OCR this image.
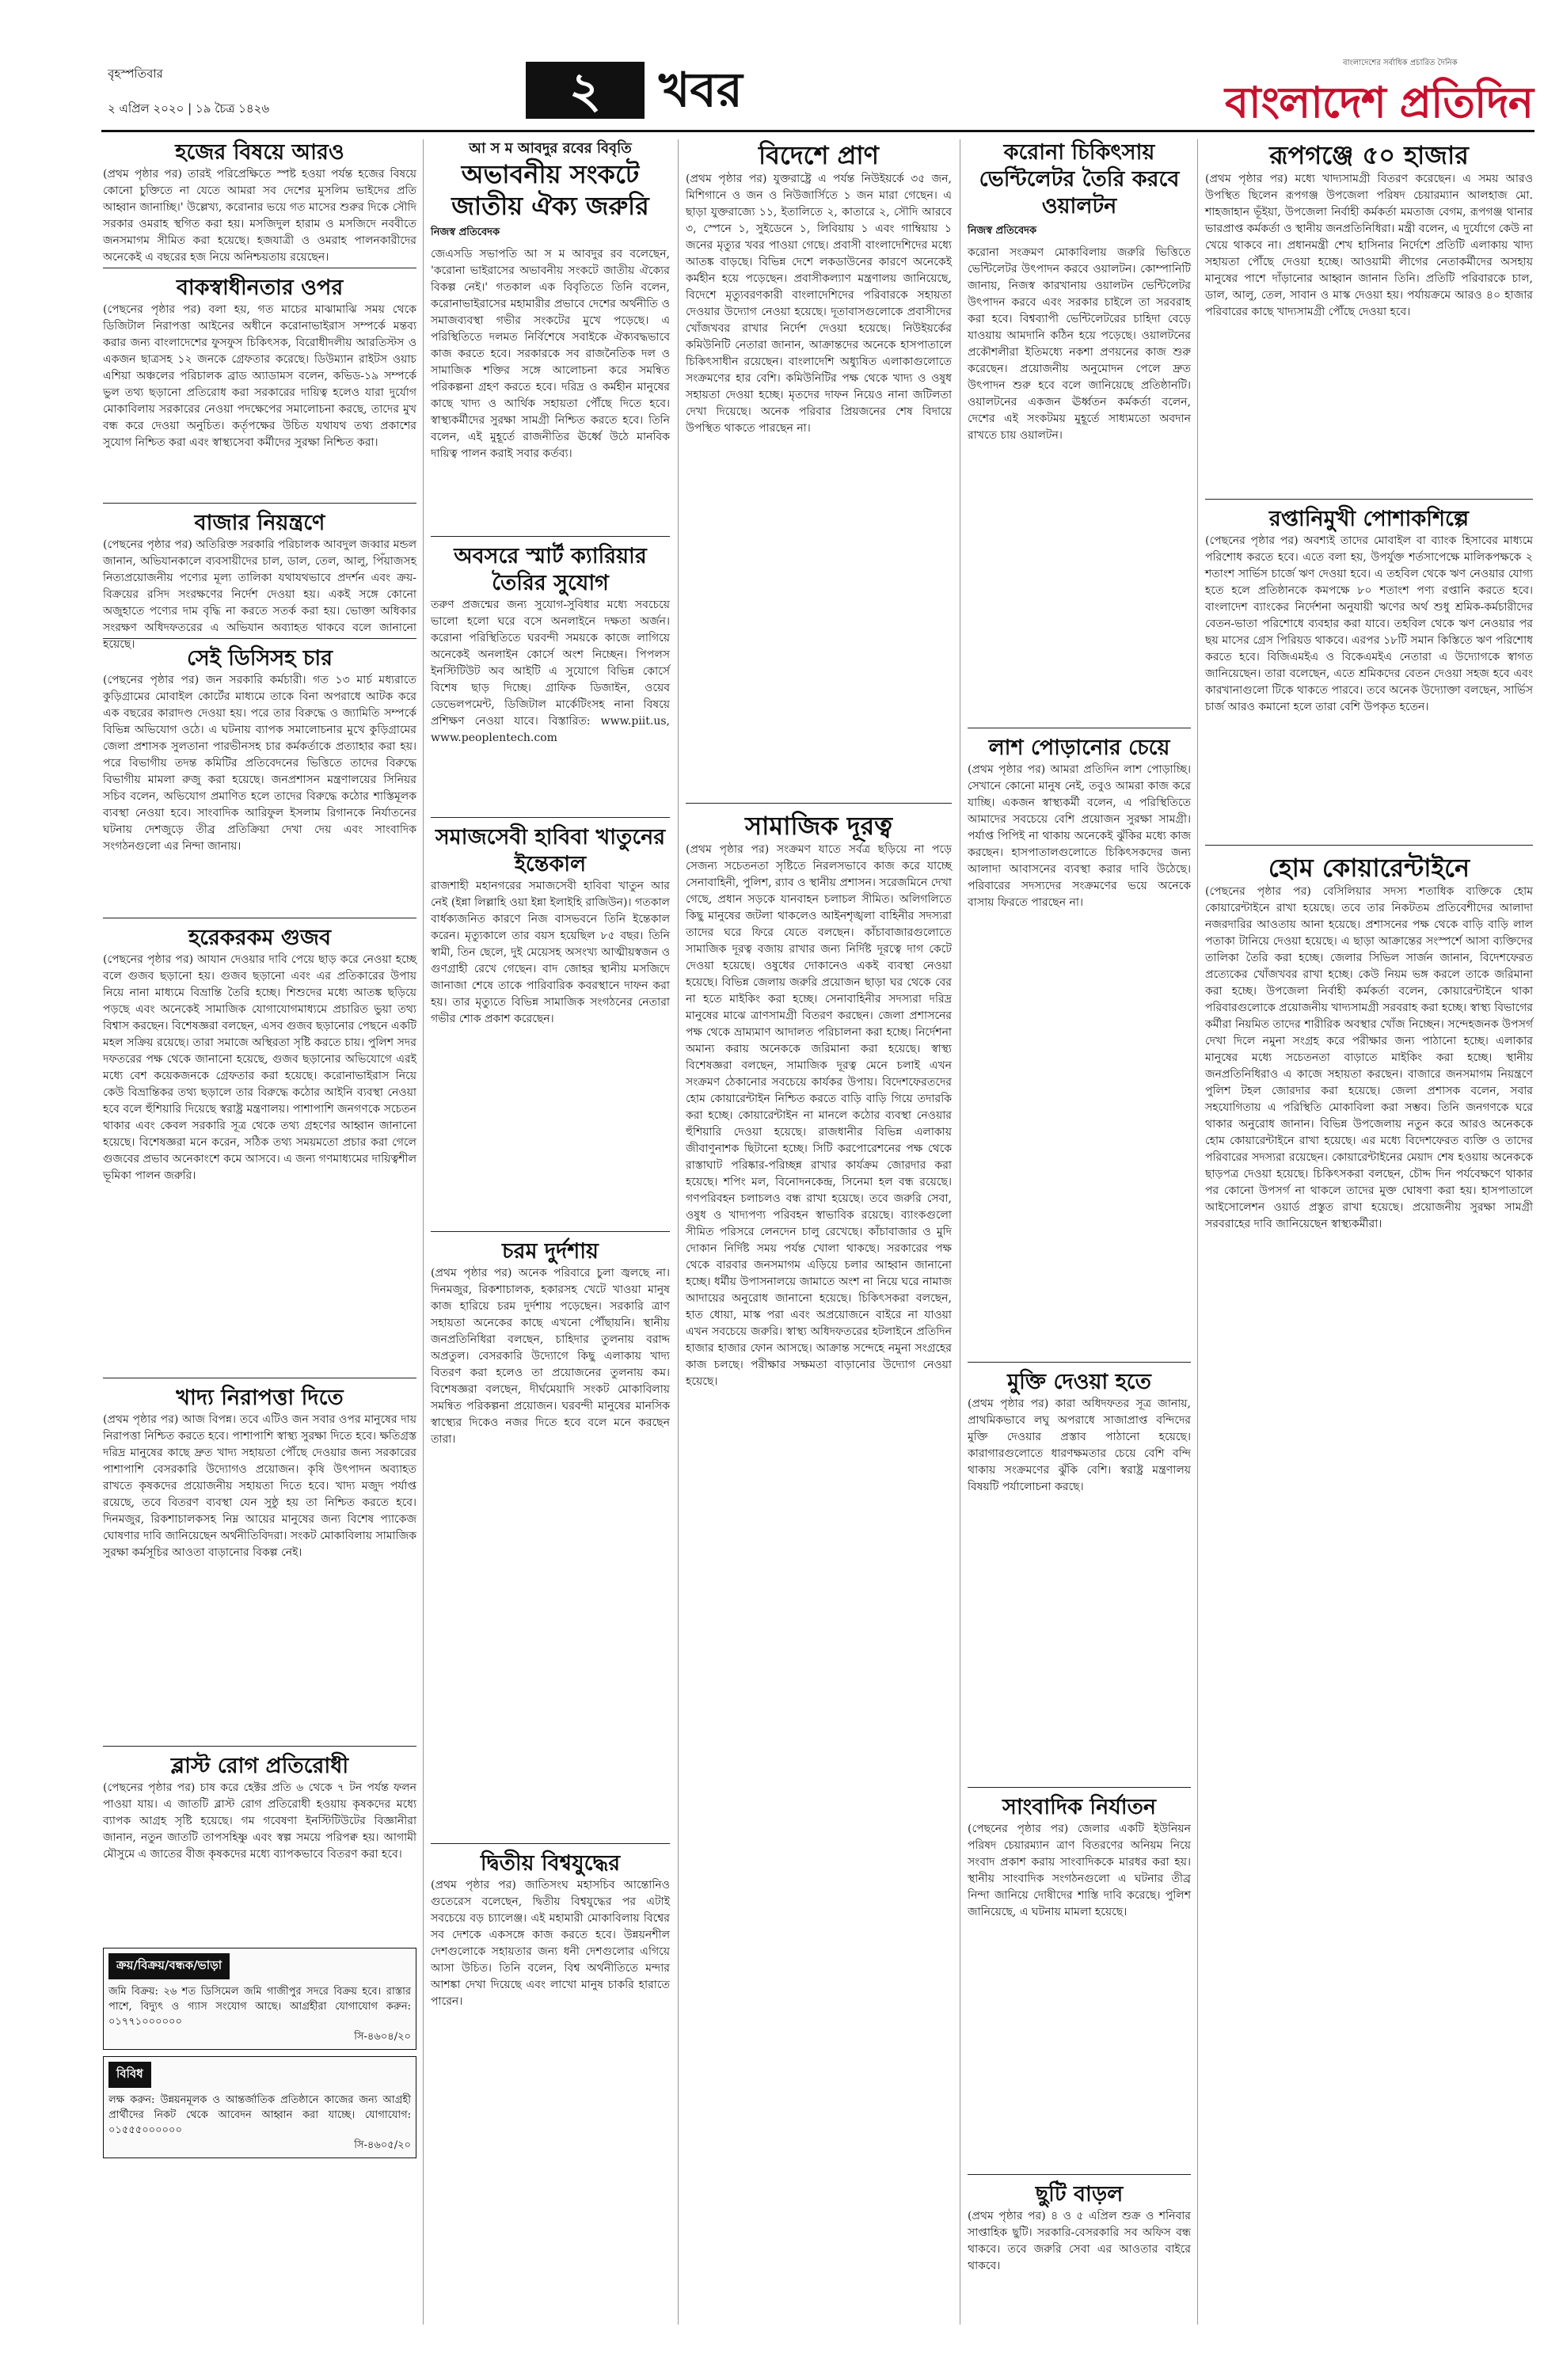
বৃহস্পতিবার
২ এপ্রিল ২০২০ | ১৯ চৈত্র ১৪২৬	২	খবর	বাংলাদেশের সর্বাধিক প্রচারিত দৈনিক
বাংলাদেশ প্রতিদিন
হজের বিষয়ে আরও
(প্রথম পৃষ্ঠার পর) তারই পরিপ্রেক্ষিতে স্পষ্ট হওয়া পর্যন্ত হজের বিষয়ে কোনো চুক্তিতে না যেতে আমরা সব দেশের মুসলিম ভাইদের প্রতি আহ্বান জানাচ্ছি।' উল্লেখ্য, করোনার ভয়ে গত মাসের শুরুর দিকে সৌদি সরকার ওমরাহ স্থগিত করা হয়। মসজিদুল হারাম ও মসজিদে নববীতে জনসমাগম সীমিত করা হয়েছে। হজযাত্রী ও ওমরাহ পালনকারীদের অনেকেই এ বছরের হজ নিয়ে অনিশ্চয়তায় রয়েছেন।
বাকস্বাধীনতার ওপর
(পেছনের পৃষ্ঠার পর) বলা হয়, গত মাচের মাঝামাঝি সময় থেকে ডিজিটাল নিরাপত্তা আইনের অধীনে করোনাভাইরাস সম্পর্কে মন্তব্য করার জন্য বাংলাদেশের ফুসফুস চিকিৎসক, বিরোধীদলীয় আরতিস্টস ও একজন ছাত্রসহ ১২ জনকে গ্রেফতার করেছে। ডিউম্যান রাইটস ওয়াচ এশিয়া অঞ্চলের পরিচালক ব্রাড অ্যাডামস বলেন, কভিড-১৯ সম্পর্কে ভুল তথ্য ছড়ানো প্রতিরোধ করা সরকারের দায়িত্ব হলেও যারা দুর্যোগ মোকাবিলায় সরকারের নেওয়া পদক্ষেপের সমালোচনা করছে, তাদের মুখ বন্ধ করে দেওয়া অনুচিত। কর্তৃপক্ষের উচিত যথাযথ তথ্য প্রকাশের সুযোগ নিশ্চিত করা এবং স্বাস্থ্যসেবা কর্মীদের সুরক্ষা নিশ্চিত করা।
বাজার নিয়ন্ত্রণে
(পেছনের পৃষ্ঠার পর) অতিরিক্ত সরকারি পরিচালক আবদুল জব্বার মন্ডল জানান, অভিযানকালে ব্যবসায়ীদের চাল, ডাল, তেল, আলু, পিঁয়াজসহ নিত্যপ্রয়োজনীয় পণ্যের মূল্য তালিকা যথাযথভাবে প্রদর্শন এবং ক্রয়-বিক্রয়ের রসিদ সংরক্ষণের নির্দেশ দেওয়া হয়। একই সঙ্গে কোনো অজুহাতে পণ্যের দাম বৃদ্ধি না করতে সতর্ক করা হয়। ভোক্তা অধিকার সংরক্ষণ অধিদফতরের এ অভিযান অব্যাহত থাকবে বলে জানানো হয়েছে।
সেই ডিসিসহ চার
(পেছনের পৃষ্ঠার পর) জন সরকারি কর্মচারী। গত ১৩ মার্চ মধ্যরাতে কুড়িগ্রামের মোবাইল কোর্টের মাধ্যমে তাকে বিনা অপরাধে আটক করে এক বছরের কারাদণ্ড দেওয়া হয়। পরে তার বিরুদ্ধে ও জ্যামিতি সম্পর্কে বিভিন্ন অভিযোগ ওঠে। এ ঘটনায় ব্যাপক সমালোচনার মুখে কুড়িগ্রামের জেলা প্রশাসক সুলতানা পারভীনসহ চার কর্মকর্তাকে প্রত্যাহার করা হয়। পরে বিভাগীয় তদন্ত কমিটির প্রতিবেদনের ভিত্তিতে তাদের বিরুদ্ধে বিভাগীয় মামলা রুজু করা হয়েছে। জনপ্রশাসন মন্ত্রণালয়ের সিনিয়র সচিব বলেন, অভিযোগ প্রমাণিত হলে তাদের বিরুদ্ধে কঠোর শাস্তিমূলক ব্যবস্থা নেওয়া হবে। সাংবাদিক আরিফুল ইসলাম রিগানকে নির্যাতনের ঘটনায় দেশজুড়ে তীব্র প্রতিক্রিয়া দেখা দেয় এবং সাংবাদিক সংগঠনগুলো এর নিন্দা জানায়।
হরেকরকম গুজব
(পেছনের পৃষ্ঠার পর) আযান দেওয়ার দাবি পেয়ে ছাড় করে নেওয়া হচ্ছে বলে গুজব ছড়ানো হয়। গুজব ছড়ানো এবং এর প্রতিকারের উপায় নিয়ে নানা মাধ্যমে বিভ্রান্তি তৈরি হচ্ছে। শিশুদের মধ্যে আতঙ্ক ছড়িয়ে পড়ছে এবং অনেকেই সামাজিক যোগাযোগমাধ্যমে প্রচারিত ভুয়া তথ্য বিশ্বাস করছেন। বিশেষজ্ঞরা বলছেন, এসব গুজব ছড়ানোর পেছনে একটি মহল সক্রিয় রয়েছে। তারা সমাজে অস্থিরতা সৃষ্টি করতে চায়। পুলিশ সদর দফতরের পক্ষ থেকে জানানো হয়েছে, গুজব ছড়ানোর অভিযোগে এরই মধ্যে বেশ কয়েকজনকে গ্রেফতার করা হয়েছে। করোনাভাইরাস নিয়ে কেউ বিভ্রান্তিকর তথ্য ছড়ালে তার বিরুদ্ধে কঠোর আইনি ব্যবস্থা নেওয়া হবে বলে হুঁশিয়ারি দিয়েছে স্বরাষ্ট্র মন্ত্রণালয়। পাশাপাশি জনগণকে সচেতন থাকার এবং কেবল সরকারি সূত্র থেকে তথ্য গ্রহণের আহ্বান জানানো হয়েছে। বিশেষজ্ঞরা মনে করেন, সঠিক তথ্য সময়মতো প্রচার করা গেলে গুজবের প্রভাব অনেকাংশে কমে আসবে। এ জন্য গণমাধ্যমের দায়িত্বশীল ভূমিকা পালন জরুরি।
খাদ্য নিরাপত্তা দিতে
(প্রথম পৃষ্ঠার পর) আজ বিপন্ন। তবে এটিও জন সবার ওপর মানুষের দায় নিরাপত্তা নিশ্চিত করতে হবে। পাশাপাশি স্বাস্থ্য সুরক্ষা দিতে হবে। ক্ষতিগ্রস্ত দরিদ্র মানুষের কাছে দ্রুত খাদ্য সহায়তা পৌঁছে দেওয়ার জন্য সরকারের পাশাপাশি বেসরকারি উদ্যোগও প্রয়োজন। কৃষি উৎপাদন অব্যাহত রাখতে কৃষকদের প্রয়োজনীয় সহায়তা দিতে হবে। খাদ্য মজুদ পর্যাপ্ত রয়েছে, তবে বিতরণ ব্যবস্থা যেন সুষ্ঠু হয় তা নিশ্চিত করতে হবে। দিনমজুর, রিকশাচালকসহ নিম্ন আয়ের মানুষের জন্য বিশেষ প্যাকেজ ঘোষণার দাবি জানিয়েছেন অর্থনীতিবিদরা। সংকট মোকাবিলায় সামাজিক সুরক্ষা কর্মসূচির আওতা বাড়ানোর বিকল্প নেই।
ব্লাস্ট রোগ প্রতিরোধী
(পেছনের পৃষ্ঠার পর) চাষ করে হেক্টর প্রতি ৬ থেকে ৭ টন পর্যন্ত ফলন পাওয়া যায়। এ জাতটি ব্লাস্ট রোগ প্রতিরোধী হওয়ায় কৃষকদের মধ্যে ব্যাপক আগ্রহ সৃষ্টি হয়েছে। গম গবেষণা ইনস্টিটিউটের বিজ্ঞানীরা জানান, নতুন জাতটি তাপসহিষ্ণু এবং স্বল্প সময়ে পরিপক্ব হয়। আগামী মৌসুমে এ জাতের বীজ কৃষকদের মধ্যে ব্যাপকভাবে বিতরণ করা হবে।
ক্রয়/বিক্রয়/বন্ধক/ভাড়া
জমি বিক্রয়: ২৬ শত ডিসিমেল জমি গাজীপুর সদরে বিক্রয় হবে। রাস্তার পাশে, বিদ্যুৎ ও গ্যাস সংযোগ আছে। আগ্রহীরা যোগাযোগ করুন: ০১৭৭১০০০০০০
সি-৪৬০৪/২০
বিবিধ
লক্ষ করুন: উন্নয়নমূলক ও আন্তর্জাতিক প্রতিষ্ঠানে কাজের জন্য আগ্রহী প্রার্থীদের নিকট থেকে আবেদন আহ্বান করা যাচ্ছে। যোগাযোগ: ০১৫৫৫০০০০০০
সি-৪৬০৫/২০
আ স ম আবদুর রবের বিবৃতি
অভাবনীয় সংকটে জাতীয় ঐক্য জরুরি
নিজস্ব প্রতিবেদক
জেএসডি সভাপতি আ স ম আবদুর রব বলেছেন, 'করোনা ভাইরাসের অভাবনীয় সংকটে জাতীয় ঐক্যের বিকল্প নেই।' গতকাল এক বিবৃতিতে তিনি বলেন, করোনাভাইরাসের মহামারীর প্রভাবে দেশের অর্থনীতি ও সমাজব্যবস্থা গভীর সংকটের মুখে পড়েছে। এ পরিস্থিতিতে দলমত নির্বিশেষে সবাইকে ঐক্যবদ্ধভাবে কাজ করতে হবে। সরকারকে সব রাজনৈতিক দল ও সামাজিক শক্তির সঙ্গে আলোচনা করে সমন্বিত পরিকল্পনা গ্রহণ করতে হবে। দরিদ্র ও কর্মহীন মানুষের কাছে খাদ্য ও আর্থিক সহায়তা পৌঁছে দিতে হবে। স্বাস্থ্যকর্মীদের সুরক্ষা সামগ্রী নিশ্চিত করতে হবে। তিনি বলেন, এই মুহূর্তে রাজনীতির ঊর্ধ্বে উঠে মানবিক দায়িত্ব পালন করাই সবার কর্তব্য।
অবসরে স্মার্ট ক্যারিয়ার তৈরির সুযোগ
তরুণ প্রজন্মের জন্য সুযোগ-সুবিধার মধ্যে সবচেয়ে ভালো হলো ঘরে বসে অনলাইনে দক্ষতা অর্জন। করোনা পরিস্থিতিতে ঘরবন্দী সময়কে কাজে লাগিয়ে অনেকেই অনলাইন কোর্সে অংশ নিচ্ছেন। পিপলস ইনস্টিটিউট অব আইটি এ সুযোগে বিভিন্ন কোর্সে বিশেষ ছাড় দিচ্ছে। গ্রাফিক ডিজাইন, ওয়েব ডেভেলপমেন্ট, ডিজিটাল মার্কেটিংসহ নানা বিষয়ে প্রশিক্ষণ নেওয়া যাবে। বিস্তারিত: www.piit.us, www.peoplentech.com
সমাজসেবী হাবিবা খাতুনের ইন্তেকাল
রাজশাহী মহানগরের সমাজসেবী হাবিবা খাতুন আর নেই (ইন্না লিল্লাহি ওয়া ইন্না ইলাইহি রাজিউন)। গতকাল বার্ধক্যজনিত কারণে নিজ বাসভবনে তিনি ইন্তেকাল করেন। মৃত্যুকালে তার বয়স হয়েছিল ৮৫ বছর। তিনি স্বামী, তিন ছেলে, দুই মেয়েসহ অসংখ্য আত্মীয়স্বজন ও গুণগ্রাহী রেখে গেছেন। বাদ জোহর স্থানীয় মসজিদে জানাজা শেষে তাকে পারিবারিক কবরস্থানে দাফন করা হয়। তার মৃত্যুতে বিভিন্ন সামাজিক সংগঠনের নেতারা গভীর শোক প্রকাশ করেছেন।
চরম দুর্দশায়
(প্রথম পৃষ্ঠার পর) অনেক পরিবারে চুলা জ্বলছে না। দিনমজুর, রিকশাচালক, হকারসহ খেটে খাওয়া মানুষ কাজ হারিয়ে চরম দুর্দশায় পড়েছেন। সরকারি ত্রাণ সহায়তা অনেকের কাছে এখনো পৌঁছায়নি। স্থানীয় জনপ্রতিনিধিরা বলছেন, চাহিদার তুলনায় বরাদ্দ অপ্রতুল। বেসরকারি উদ্যোগে কিছু এলাকায় খাদ্য বিতরণ করা হলেও তা প্রয়োজনের তুলনায় কম। বিশেষজ্ঞরা বলছেন, দীর্ঘমেয়াদি সংকট মোকাবিলায় সমন্বিত পরিকল্পনা প্রয়োজন। ঘরবন্দী মানুষের মানসিক স্বাস্থ্যের দিকেও নজর দিতে হবে বলে মনে করছেন তারা।
দ্বিতীয় বিশ্বযুদ্ধের
(প্রথম পৃষ্ঠার পর) জাতিসংঘ মহাসচিব আন্তোনিও গুতেরেস বলেছেন, দ্বিতীয় বিশ্বযুদ্ধের পর এটাই সবচেয়ে বড় চ্যালেঞ্জ। এই মহামারী মোকাবিলায় বিশ্বের সব দেশকে একসঙ্গে কাজ করতে হবে। উন্নয়নশীল দেশগুলোকে সহায়তার জন্য ধনী দেশগুলোর এগিয়ে আসা উচিত। তিনি বলেন, বিশ্ব অর্থনীতিতে মন্দার আশঙ্কা দেখা দিয়েছে এবং লাখো মানুষ চাকরি হারাতে পারেন।
বিদেশে প্রাণ
(প্রথম পৃষ্ঠার পর) যুক্তরাষ্ট্রে এ পর্যন্ত নিউইয়র্কে ৩৫ জন, মিশিগানে ও জন ও নিউজার্সিতে ১ জন মারা গেছেন। এ ছাড়া যুক্তরাজ্যে ১১, ইতালিতে ২, কাতারে ২, সৌদি আরবে ৩, স্পেনে ১, সুইডেনে ১, লিবিয়ায় ১ এবং গাম্বিয়ায় ১ জনের মৃত্যুর খবর পাওয়া গেছে। প্রবাসী বাংলাদেশিদের মধ্যে আতঙ্ক বাড়ছে। বিভিন্ন দেশে লকডাউনের কারণে অনেকেই কর্মহীন হয়ে পড়েছেন। প্রবাসীকল্যাণ মন্ত্রণালয় জানিয়েছে, বিদেশে মৃত্যুবরণকারী বাংলাদেশিদের পরিবারকে সহায়তা দেওয়ার উদ্যোগ নেওয়া হয়েছে। দূতাবাসগুলোকে প্রবাসীদের খোঁজখবর রাখার নির্দেশ দেওয়া হয়েছে। নিউইয়র্কের কমিউনিটি নেতারা জানান, আক্রান্তদের অনেকে হাসপাতালে চিকিৎসাধীন রয়েছেন। বাংলাদেশি অধ্যুষিত এলাকাগুলোতে সংক্রমণের হার বেশি। কমিউনিটির পক্ষ থেকে খাদ্য ও ওষুধ সহায়তা দেওয়া হচ্ছে। মৃতদের দাফন নিয়েও নানা জটিলতা দেখা দিয়েছে। অনেক পরিবার প্রিয়জনের শেষ বিদায়ে উপস্থিত থাকতে পারছেন না।
সামাজিক দূরত্ব
(প্রথম পৃষ্ঠার পর) সংক্রমণ যাতে সর্বত্র ছড়িয়ে না পড়ে সেজন্য সচেতনতা সৃষ্টিতে নিরলসভাবে কাজ করে যাচ্ছে সেনাবাহিনী, পুলিশ, র‍্যাব ও স্থানীয় প্রশাসন। সরেজমিনে দেখা গেছে, প্রধান সড়কে যানবাহন চলাচল সীমিত। অলিগলিতে কিছু মানুষের জটলা থাকলেও আইনশৃঙ্খলা বাহিনীর সদস্যরা তাদের ঘরে ফিরে যেতে বলছেন। কাঁচাবাজারগুলোতে সামাজিক দূরত্ব বজায় রাখার জন্য নির্দিষ্ট দূরত্বে দাগ কেটে দেওয়া হয়েছে। ওষুধের দোকানেও একই ব্যবস্থা নেওয়া হয়েছে। বিভিন্ন জেলায় জরুরি প্রয়োজন ছাড়া ঘর থেকে বের না হতে মাইকিং করা হচ্ছে। সেনাবাহিনীর সদস্যরা দরিদ্র মানুষের মাঝে ত্রাণসামগ্রী বিতরণ করছেন। জেলা প্রশাসনের পক্ষ থেকে ভ্রাম্যমাণ আদালত পরিচালনা করা হচ্ছে। নির্দেশনা অমান্য করায় অনেককে জরিমানা করা হয়েছে। স্বাস্থ্য বিশেষজ্ঞরা বলছেন, সামাজিক দূরত্ব মেনে চলাই এখন সংক্রমণ ঠেকানোর সবচেয়ে কার্যকর উপায়। বিদেশফেরতদের হোম কোয়ারেন্টাইন নিশ্চিত করতে বাড়ি বাড়ি গিয়ে তদারকি করা হচ্ছে। কোয়ারেন্টাইন না মানলে কঠোর ব্যবস্থা নেওয়ার হুঁশিয়ারি দেওয়া হয়েছে। রাজধানীর বিভিন্ন এলাকায় জীবাণুনাশক ছিটানো হচ্ছে। সিটি করপোরেশনের পক্ষ থেকে রাস্তাঘাট পরিষ্কার-পরিচ্ছন্ন রাখার কার্যক্রম জোরদার করা হয়েছে। শপিং মল, বিনোদনকেন্দ্র, সিনেমা হল বন্ধ রয়েছে। গণপরিবহন চলাচলও বন্ধ রাখা হয়েছে। তবে জরুরি সেবা, ওষুধ ও খাদ্যপণ্য পরিবহন স্বাভাবিক রয়েছে। ব্যাংকগুলো সীমিত পরিসরে লেনদেন চালু রেখেছে। কাঁচাবাজার ও মুদি দোকান নির্দিষ্ট সময় পর্যন্ত খোলা থাকছে। সরকারের পক্ষ থেকে বারবার জনসমাগম এড়িয়ে চলার আহ্বান জানানো হচ্ছে। ধর্মীয় উপাসনালয়ে জামাতে অংশ না নিয়ে ঘরে নামাজ আদায়ের অনুরোধ জানানো হয়েছে। চিকিৎসকরা বলছেন, হাত ধোয়া, মাস্ক পরা এবং অপ্রয়োজনে বাইরে না যাওয়া এখন সবচেয়ে জরুরি। স্বাস্থ্য অধিদফতরের হটলাইনে প্রতিদিন হাজার হাজার ফোন আসছে। আক্রান্ত সন্দেহে নমুনা সংগ্রহের কাজ চলছে। পরীক্ষার সক্ষমতা বাড়ানোর উদ্যোগ নেওয়া হয়েছে।
করোনা চিকিৎসায় ভেন্টিলেটর তৈরি করবে ওয়ালটন
নিজস্ব প্রতিবেদক
করোনা সংক্রমণ মোকাবিলায় জরুরি ভিত্তিতে ভেন্টিলেটর উৎপাদন করবে ওয়ালটন। কোম্পানিটি জানায়, নিজস্ব কারখানায় ওয়ালটন ভেন্টিলেটর উৎপাদন করবে এবং সরকার চাইলে তা সরবরাহ করা হবে। বিশ্বব্যাপী ভেন্টিলেটরের চাহিদা বেড়ে যাওয়ায় আমদানি কঠিন হয়ে পড়েছে। ওয়ালটনের প্রকৌশলীরা ইতিমধ্যে নকশা প্রণয়নের কাজ শুরু করেছেন। প্রয়োজনীয় অনুমোদন পেলে দ্রুত উৎপাদন শুরু হবে বলে জানিয়েছে প্রতিষ্ঠানটি। ওয়ালটনের একজন ঊর্ধ্বতন কর্মকর্তা বলেন, দেশের এই সংকটময় মুহূর্তে সাধ্যমতো অবদান রাখতে চায় ওয়ালটন।
লাশ পোড়ানোর চেয়ে
(প্রথম পৃষ্ঠার পর) আমরা প্রতিদিন লাশ পোড়াচ্ছি। সেখানে কোনো মানুষ নেই, তবুও আমরা কাজ করে যাচ্ছি। একজন স্বাস্থ্যকর্মী বলেন, এ পরিস্থিতিতে আমাদের সবচেয়ে বেশি প্রয়োজন সুরক্ষা সামগ্রী। পর্যাপ্ত পিপিই না থাকায় অনেকেই ঝুঁকির মধ্যে কাজ করছেন। হাসপাতালগুলোতে চিকিৎসকদের জন্য আলাদা আবাসনের ব্যবস্থা করার দাবি উঠেছে। পরিবারের সদস্যদের সংক্রমণের ভয়ে অনেকে বাসায় ফিরতে পারছেন না।
মুক্তি দেওয়া হতে
(প্রথম পৃষ্ঠার পর) কারা অধিদফতর সূত্র জানায়, প্রাথমিকভাবে লঘু অপরাধে সাজাপ্রাপ্ত বন্দিদের মুক্তি দেওয়ার প্রস্তাব পাঠানো হয়েছে। কারাগারগুলোতে ধারণক্ষমতার চেয়ে বেশি বন্দি থাকায় সংক্রমণের ঝুঁকি বেশি। স্বরাষ্ট্র মন্ত্রণালয় বিষয়টি পর্যালোচনা করছে।
সাংবাদিক নির্যাতন
(পেছনের পৃষ্ঠার পর) জেলার একটি ইউনিয়ন পরিষদ চেয়ারম্যান ত্রাণ বিতরণের অনিয়ম নিয়ে সংবাদ প্রকাশ করায় সাংবাদিককে মারধর করা হয়। স্থানীয় সাংবাদিক সংগঠনগুলো এ ঘটনার তীব্র নিন্দা জানিয়ে দোষীদের শাস্তি দাবি করেছে। পুলিশ জানিয়েছে, এ ঘটনায় মামলা হয়েছে।
ছুটি বাড়ল
(প্রথম পৃষ্ঠার পর) ৪ ও ৫ এপ্রিল শুক্র ও শনিবার সাপ্তাহিক ছুটি। সরকারি-বেসরকারি সব অফিস বন্ধ থাকবে। তবে জরুরি সেবা এর আওতার বাইরে থাকবে।
রূপগঞ্জে ৫০ হাজার
(প্রথম পৃষ্ঠার পর) মধ্যে খাদ্যসামগ্রী বিতরণ করেছেন। এ সময় আরও উপস্থিত ছিলেন রূপগঞ্জ উপজেলা পরিষদ চেয়ারম্যান আলহাজ মো. শাহজাহান ভূঁইয়া, উপজেলা নির্বাহী কর্মকর্তা মমতাজ বেগম, রূপগঞ্জ থানার ভারপ্রাপ্ত কর্মকর্তা ও স্থানীয় জনপ্রতিনিধিরা। মন্ত্রী বলেন, এ দুর্যোগে কেউ না খেয়ে থাকবে না। প্রধানমন্ত্রী শেখ হাসিনার নির্দেশে প্রতিটি এলাকায় খাদ্য সহায়তা পৌঁছে দেওয়া হচ্ছে। আওয়ামী লীগের নেতাকর্মীদের অসহায় মানুষের পাশে দাঁড়ানোর আহ্বান জানান তিনি। প্রতিটি পরিবারকে চাল, ডাল, আলু, তেল, সাবান ও মাস্ক দেওয়া হয়। পর্যায়ক্রমে আরও ৪০ হাজার পরিবারের কাছে খাদ্যসামগ্রী পৌঁছে দেওয়া হবে।
রপ্তানিমুখী পোশাকশিল্পে
(পেছনের পৃষ্ঠার পর) অবশ্যই তাদের মোবাইল বা ব্যাংক হিসাবের মাধ্যমে পরিশোধ করতে হবে। এতে বলা হয়, উপর্যুক্ত শর্তসাপেক্ষে মালিকপক্ষকে ২ শতাংশ সার্ভিস চার্জে ঋণ দেওয়া হবে। এ তহবিল থেকে ঋণ নেওয়ার যোগ্য হতে হলে প্রতিষ্ঠানকে কমপক্ষে ৮০ শতাংশ পণ্য রপ্তানি করতে হবে। বাংলাদেশ ব্যাংকের নির্দেশনা অনুযায়ী ঋণের অর্থ শুধু শ্রমিক-কর্মচারীদের বেতন-ভাতা পরিশোধে ব্যবহার করা যাবে। তহবিল থেকে ঋণ নেওয়ার পর ছয় মাসের গ্রেস পিরিয়ড থাকবে। এরপর ১৮টি সমান কিস্তিতে ঋণ পরিশোধ করতে হবে। বিজিএমইএ ও বিকেএমইএ নেতারা এ উদ্যোগকে স্বাগত জানিয়েছেন। তারা বলেছেন, এতে শ্রমিকদের বেতন দেওয়া সহজ হবে এবং কারখানাগুলো টিকে থাকতে পারবে। তবে অনেক উদ্যোক্তা বলছেন, সার্ভিস চার্জ আরও কমানো হলে তারা বেশি উপকৃত হতেন।
হোম কোয়ারেন্টাইনে
(পেছনের পৃষ্ঠার পর) বেসিলিয়ার সদস্য শতাধিক ব্যক্তিকে হোম কোয়ারেন্টাইনে রাখা হয়েছে। তবে তার নিকটতম প্রতিবেশীদের আলাদা নজরদারির আওতায় আনা হয়েছে। প্রশাসনের পক্ষ থেকে বাড়ি বাড়ি লাল পতাকা টানিয়ে দেওয়া হয়েছে। এ ছাড়া আক্রান্তের সংস্পর্শে আসা ব্যক্তিদের তালিকা তৈরি করা হচ্ছে। জেলার সিভিল সার্জন জানান, বিদেশফেরত প্রত্যেকের খোঁজখবর রাখা হচ্ছে। কেউ নিয়ম ভঙ্গ করলে তাকে জরিমানা করা হচ্ছে। উপজেলা নির্বাহী কর্মকর্তা বলেন, কোয়ারেন্টাইনে থাকা পরিবারগুলোকে প্রয়োজনীয় খাদ্যসামগ্রী সরবরাহ করা হচ্ছে। স্বাস্থ্য বিভাগের কর্মীরা নিয়মিত তাদের শারীরিক অবস্থার খোঁজ নিচ্ছেন। সন্দেহজনক উপসর্গ দেখা দিলে নমুনা সংগ্রহ করে পরীক্ষার জন্য পাঠানো হচ্ছে। এলাকার মানুষের মধ্যে সচেতনতা বাড়াতে মাইকিং করা হচ্ছে। স্থানীয় জনপ্রতিনিধিরাও এ কাজে সহায়তা করছেন। বাজারে জনসমাগম নিয়ন্ত্রণে পুলিশ টহল জোরদার করা হয়েছে। জেলা প্রশাসক বলেন, সবার সহযোগিতায় এ পরিস্থিতি মোকাবিলা করা সম্ভব। তিনি জনগণকে ঘরে থাকার অনুরোধ জানান। বিভিন্ন উপজেলায় নতুন করে আরও অনেককে হোম কোয়ারেন্টাইনে রাখা হয়েছে। এর মধ্যে বিদেশফেরত ব্যক্তি ও তাদের পরিবারের সদস্যরা রয়েছেন। কোয়ারেন্টাইনের মেয়াদ শেষ হওয়ায় অনেককে ছাড়পত্র দেওয়া হয়েছে। চিকিৎসকরা বলছেন, চৌদ্দ দিন পর্যবেক্ষণে থাকার পর কোনো উপসর্গ না থাকলে তাদের মুক্ত ঘোষণা করা হয়। হাসপাতালে আইসোলেশন ওয়ার্ড প্রস্তুত রাখা হয়েছে। প্রয়োজনীয় সুরক্ষা সামগ্রী সরবরাহের দাবি জানিয়েছেন স্বাস্থ্যকর্মীরা।
